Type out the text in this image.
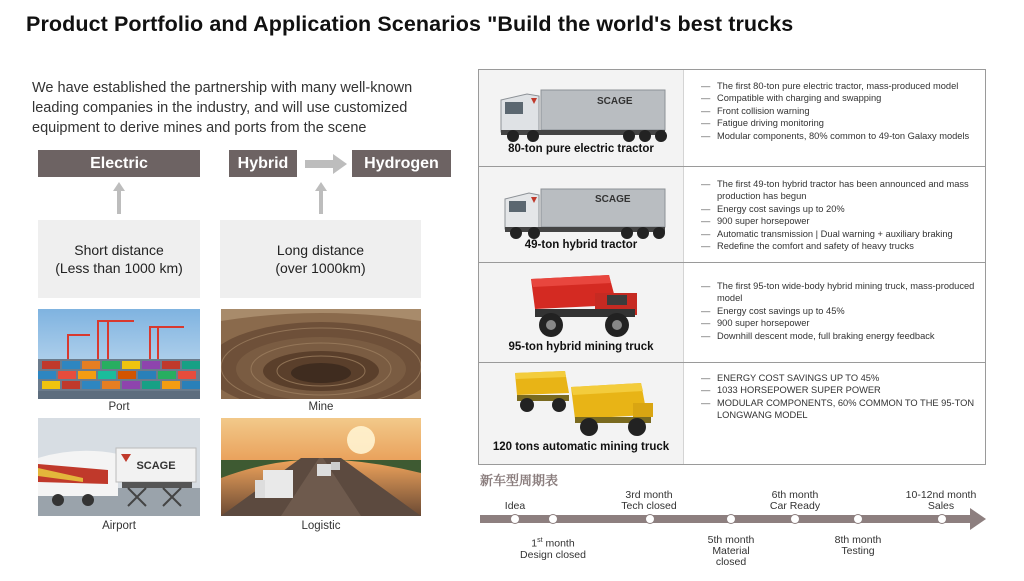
Product Portfolio and Application Scenarios "Build the world's best trucks
We have established the partnership with many well-known leading companies in the industry, and will use customized equipment to derive mines and ports from the scene
Electric	Hybrid	Hydrogen
Short distance
(Less than 1000 km)
Long distance
(over 1000km)
Port	Mine
SCAGE
Airport	Logistic
SCAGE
80-ton pure electric tractor
— The first 80-ton pure electric tractor, mass-produced model
— Compatible with charging and swapping
— Front collision warning
— Fatigue driving monitoring
— Modular components, 80% common to 49-ton Galaxy models
SCAGE
49-ton hybrid tractor
— The first 49-ton hybrid tractor has been announced and mass production has begun
— Energy cost savings up to 20%
— 900 super horsepower
— Automatic transmission | Dual warning + auxiliary braking
— Redefine the comfort and safety of heavy trucks
95-ton hybrid mining truck
— The first 95-ton wide-body hybrid mining truck, mass-produced model
— Energy cost savings up to 45%
— 900 super horsepower
— Downhill descent mode, full braking energy feedback
120 tons automatic mining truck
— ENERGY COST SAVINGS UP TO 45%
— 1033 HORSEPOWER SUPER POWER
— MODULAR COMPONENTS, 60% COMMON TO THE 95-TON LONGWANG MODEL
新车型周期表
Idea
3rd month
Tech closed
6th month
Car Ready
10-12nd month
Sales
1st month
Design closed
5th month
Material
closed
8th month
Testing
